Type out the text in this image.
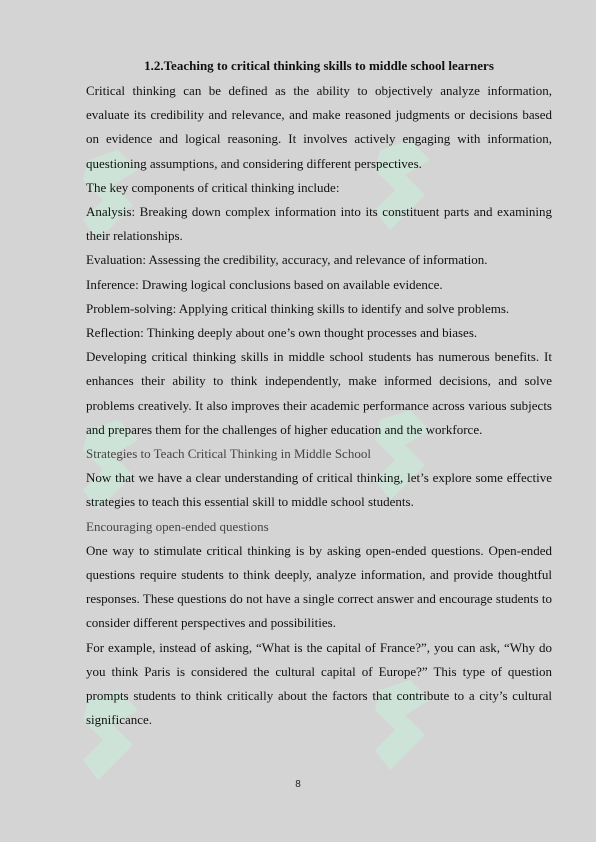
1.2.Teaching to critical thinking skills to middle school learners

Critical thinking can be defined as the ability to objectively analyze information, evaluate its credibility and relevance, and make reasoned judgments or decisions based on evidence and logical reasoning. It involves actively engaging with information, questioning assumptions, and considering different perspectives.

The key components of critical thinking include:

Analysis: Breaking down complex information into its constituent parts and examining their relationships.

Evaluation: Assessing the credibility, accuracy, and relevance of information.

Inference: Drawing logical conclusions based on available evidence.

Problem-solving: Applying critical thinking skills to identify and solve problems.

Reflection: Thinking deeply about one’s own thought processes and biases.

Developing critical thinking skills in middle school students has numerous benefits. It enhances their ability to think independently, make informed decisions, and solve problems creatively. It also improves their academic performance across various subjects and prepares them for the challenges of higher education and the workforce.

Strategies to Teach Critical Thinking in Middle School

Now that we have a clear understanding of critical thinking, let’s explore some effective strategies to teach this essential skill to middle school students.

Encouraging open-ended questions

One way to stimulate critical thinking is by asking open-ended questions. Open-ended questions require students to think deeply, analyze information, and provide thoughtful responses. These questions do not have a single correct answer and encourage students to consider different perspectives and possibilities.

For example, instead of asking, “What is the capital of France?”, you can ask, “Why do you think Paris is considered the cultural capital of Europe?” This type of question prompts students to think critically about the factors that contribute to a city’s cultural significance.

8
